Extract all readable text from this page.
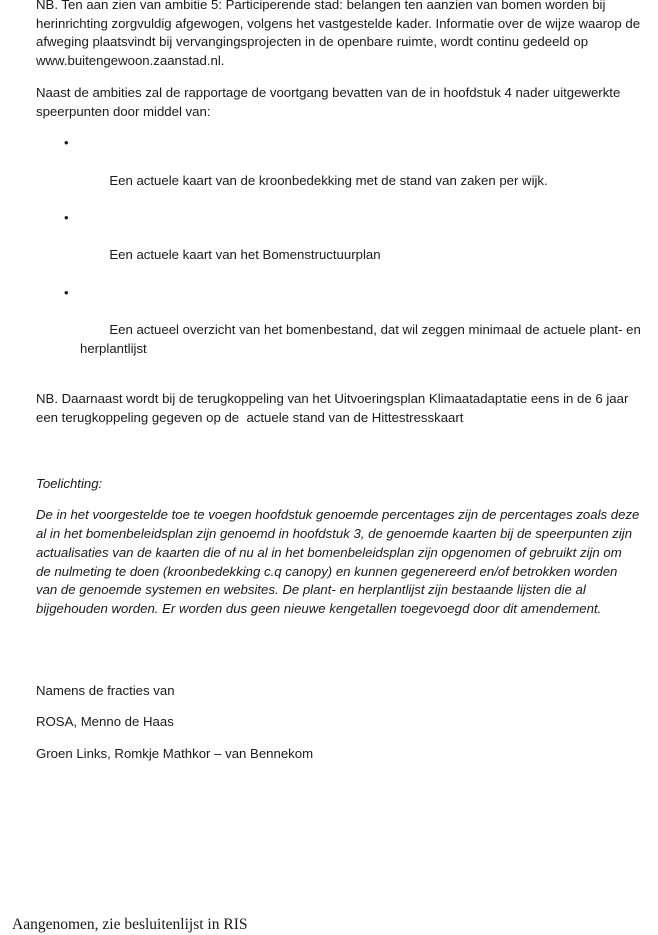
NB. Ten aan zien van ambitie 5: Participerende stad: belangen ten aanzien van bomen worden bij herinrichting zorgvuldig afgewogen, volgens het vastgestelde kader. Informatie over de wijze waarop de afweging plaatsvindt bij vervangingsprojecten in de openbare ruimte, wordt continu gedeeld op www.buitengewoon.zaanstad.nl.

Naast de ambities zal de rapportage de voortgang bevatten van de in hoofdstuk 4 nader uitgewerkte speerpunten door middel van:

•

Een actuele kaart van de kroonbedekking met de stand van zaken per wijk.

•

Een actuele kaart van het Bomenstructuurplan

•

Een actueel overzicht van het bomenbestand, dat wil zeggen minimaal de actuele plant- en herplantlijst

NB. Daarnaast wordt bij de terugkoppeling van het Uitvoeringsplan Klimaatadaptatie eens in de 6 jaar een terugkoppeling gegeven op de  actuele stand van de Hittestresskaart

Toelichting:

De in het voorgestelde toe te voegen hoofdstuk genoemde percentages zijn de percentages zoals deze  al in het bomenbeleidsplan zijn genoemd in hoofdstuk 3, de genoemde kaarten bij de speerpunten zijn  actualisaties van de kaarten die of nu al in het bomenbeleidsplan zijn opgenomen of gebruikt zijn om  de nulmeting te doen (kroonbedekking c.q canopy) en kunnen gegenereerd en/of betrokken worden  van de genoemde systemen en websites. De plant- en herplantlijst zijn bestaande lijsten die al  bijgehouden worden. Er worden dus geen nieuwe kengetallen toegevoegd door dit amendement.

Namens de fracties van

ROSA, Menno de Haas

Groen Links, Romkje Mathkor – van Bennekom

Aangenomen, zie besluitenlijst in RIS
